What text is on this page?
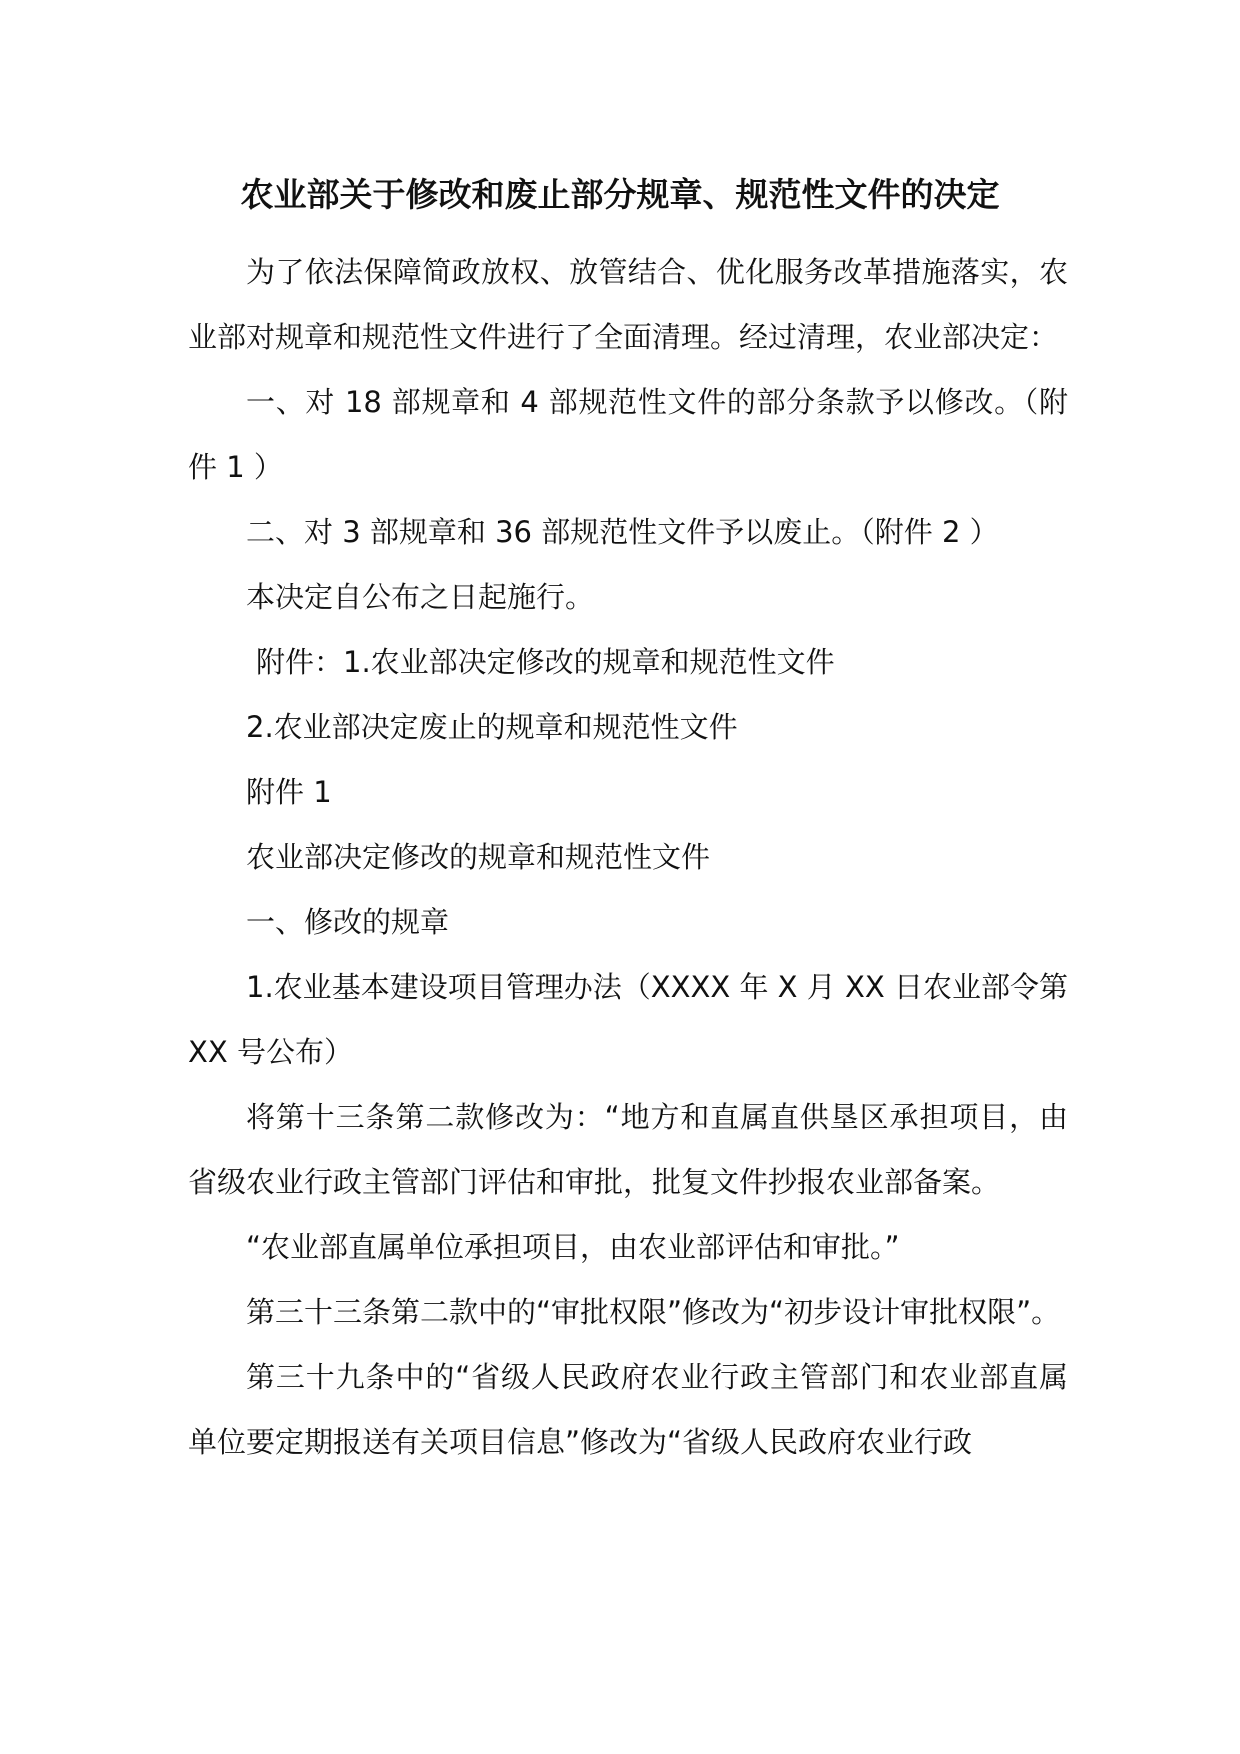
农业部关于修改和废止部分规章、规范性文件的决定

为了依法保障简政放权、放管结合、优化服务改革措施落实，农业部对规章和规范性文件进行了全面清理。经过清理，农业部决定：

一、对 18 部规章和 4 部规范性文件的部分条款予以修改。（附件 1 ）

二、对 3 部规章和 36 部规范性文件予以废止。（附件 2 ）

本决定自公布之日起施行。

附件：1.农业部决定修改的规章和规范性文件

2.农业部决定废止的规章和规范性文件

附件 1

农业部决定修改的规章和规范性文件

一、修改的规章

1.农业基本建设项目管理办法（XXXX 年 X 月 XX 日农业部令第 XX 号公布）

将第十三条第二款修改为：“地方和直属直供垦区承担项目，由省级农业行政主管部门评估和审批，批复文件抄报农业部备案。

“农业部直属单位承担项目，由农业部评估和审批。”

第三十三条第二款中的“审批权限”修改为“初步设计审批权限”。

第三十九条中的“省级人民政府农业行政主管部门和农业部直属单位要定期报送有关项目信息”修改为“省级人民政府农业行政
